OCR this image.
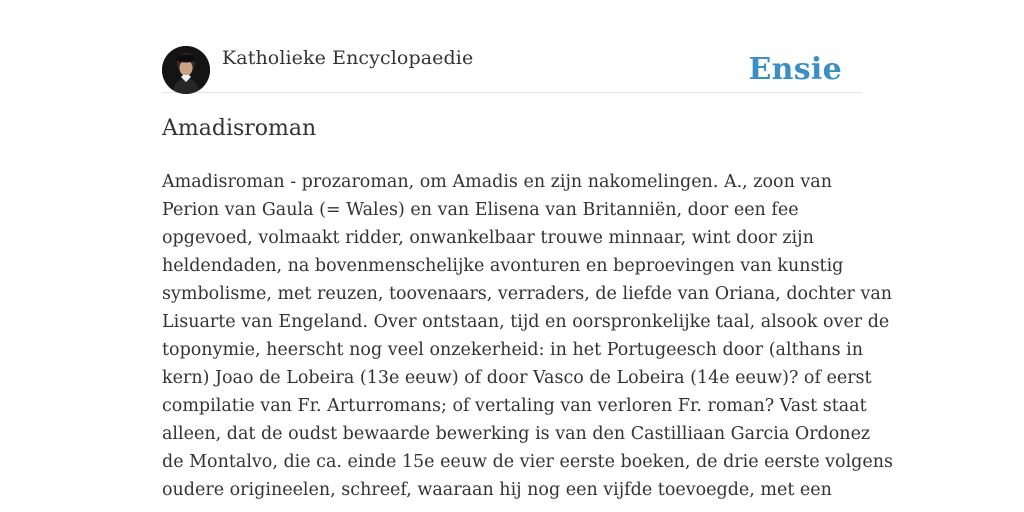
Katholieke Encyclopaedie	Ensie
Amadisroman
Amadisroman - prozaroman, om Amadis en zijn nakomelingen. A., zoon van
Perion van Gaula (= Wales) en van Elisena van Britanniën, door een fee
opgevoed, volmaakt ridder, onwankelbaar trouwe minnaar, wint door zijn
heldendaden, na bovenmenschelijke avonturen en beproevingen van kunstig
symbolisme, met reuzen, toovenaars, verraders, de liefde van Oriana, dochter van
Lisuarte van Engeland. Over ontstaan, tijd en oorspronkelijke taal, alsook over de
toponymie, heerscht nog veel onzekerheid: in het Portugeesch door (althans in
kern) Joao de Lobeira (13e eeuw) of door Vasco de Lobeira (14e eeuw)? of eerst
compilatie van Fr. Arturromans; of vertaling van verloren Fr. roman? Vast staat
alleen, dat de oudst bewaarde bewerking is van den Castilliaan Garcia Ordonez
de Montalvo, die ca. einde 15e eeuw de vier eerste boeken, de drie eerste volgens
oudere origineelen, schreef, waaraan hij nog een vijfde toevoegde, met een
